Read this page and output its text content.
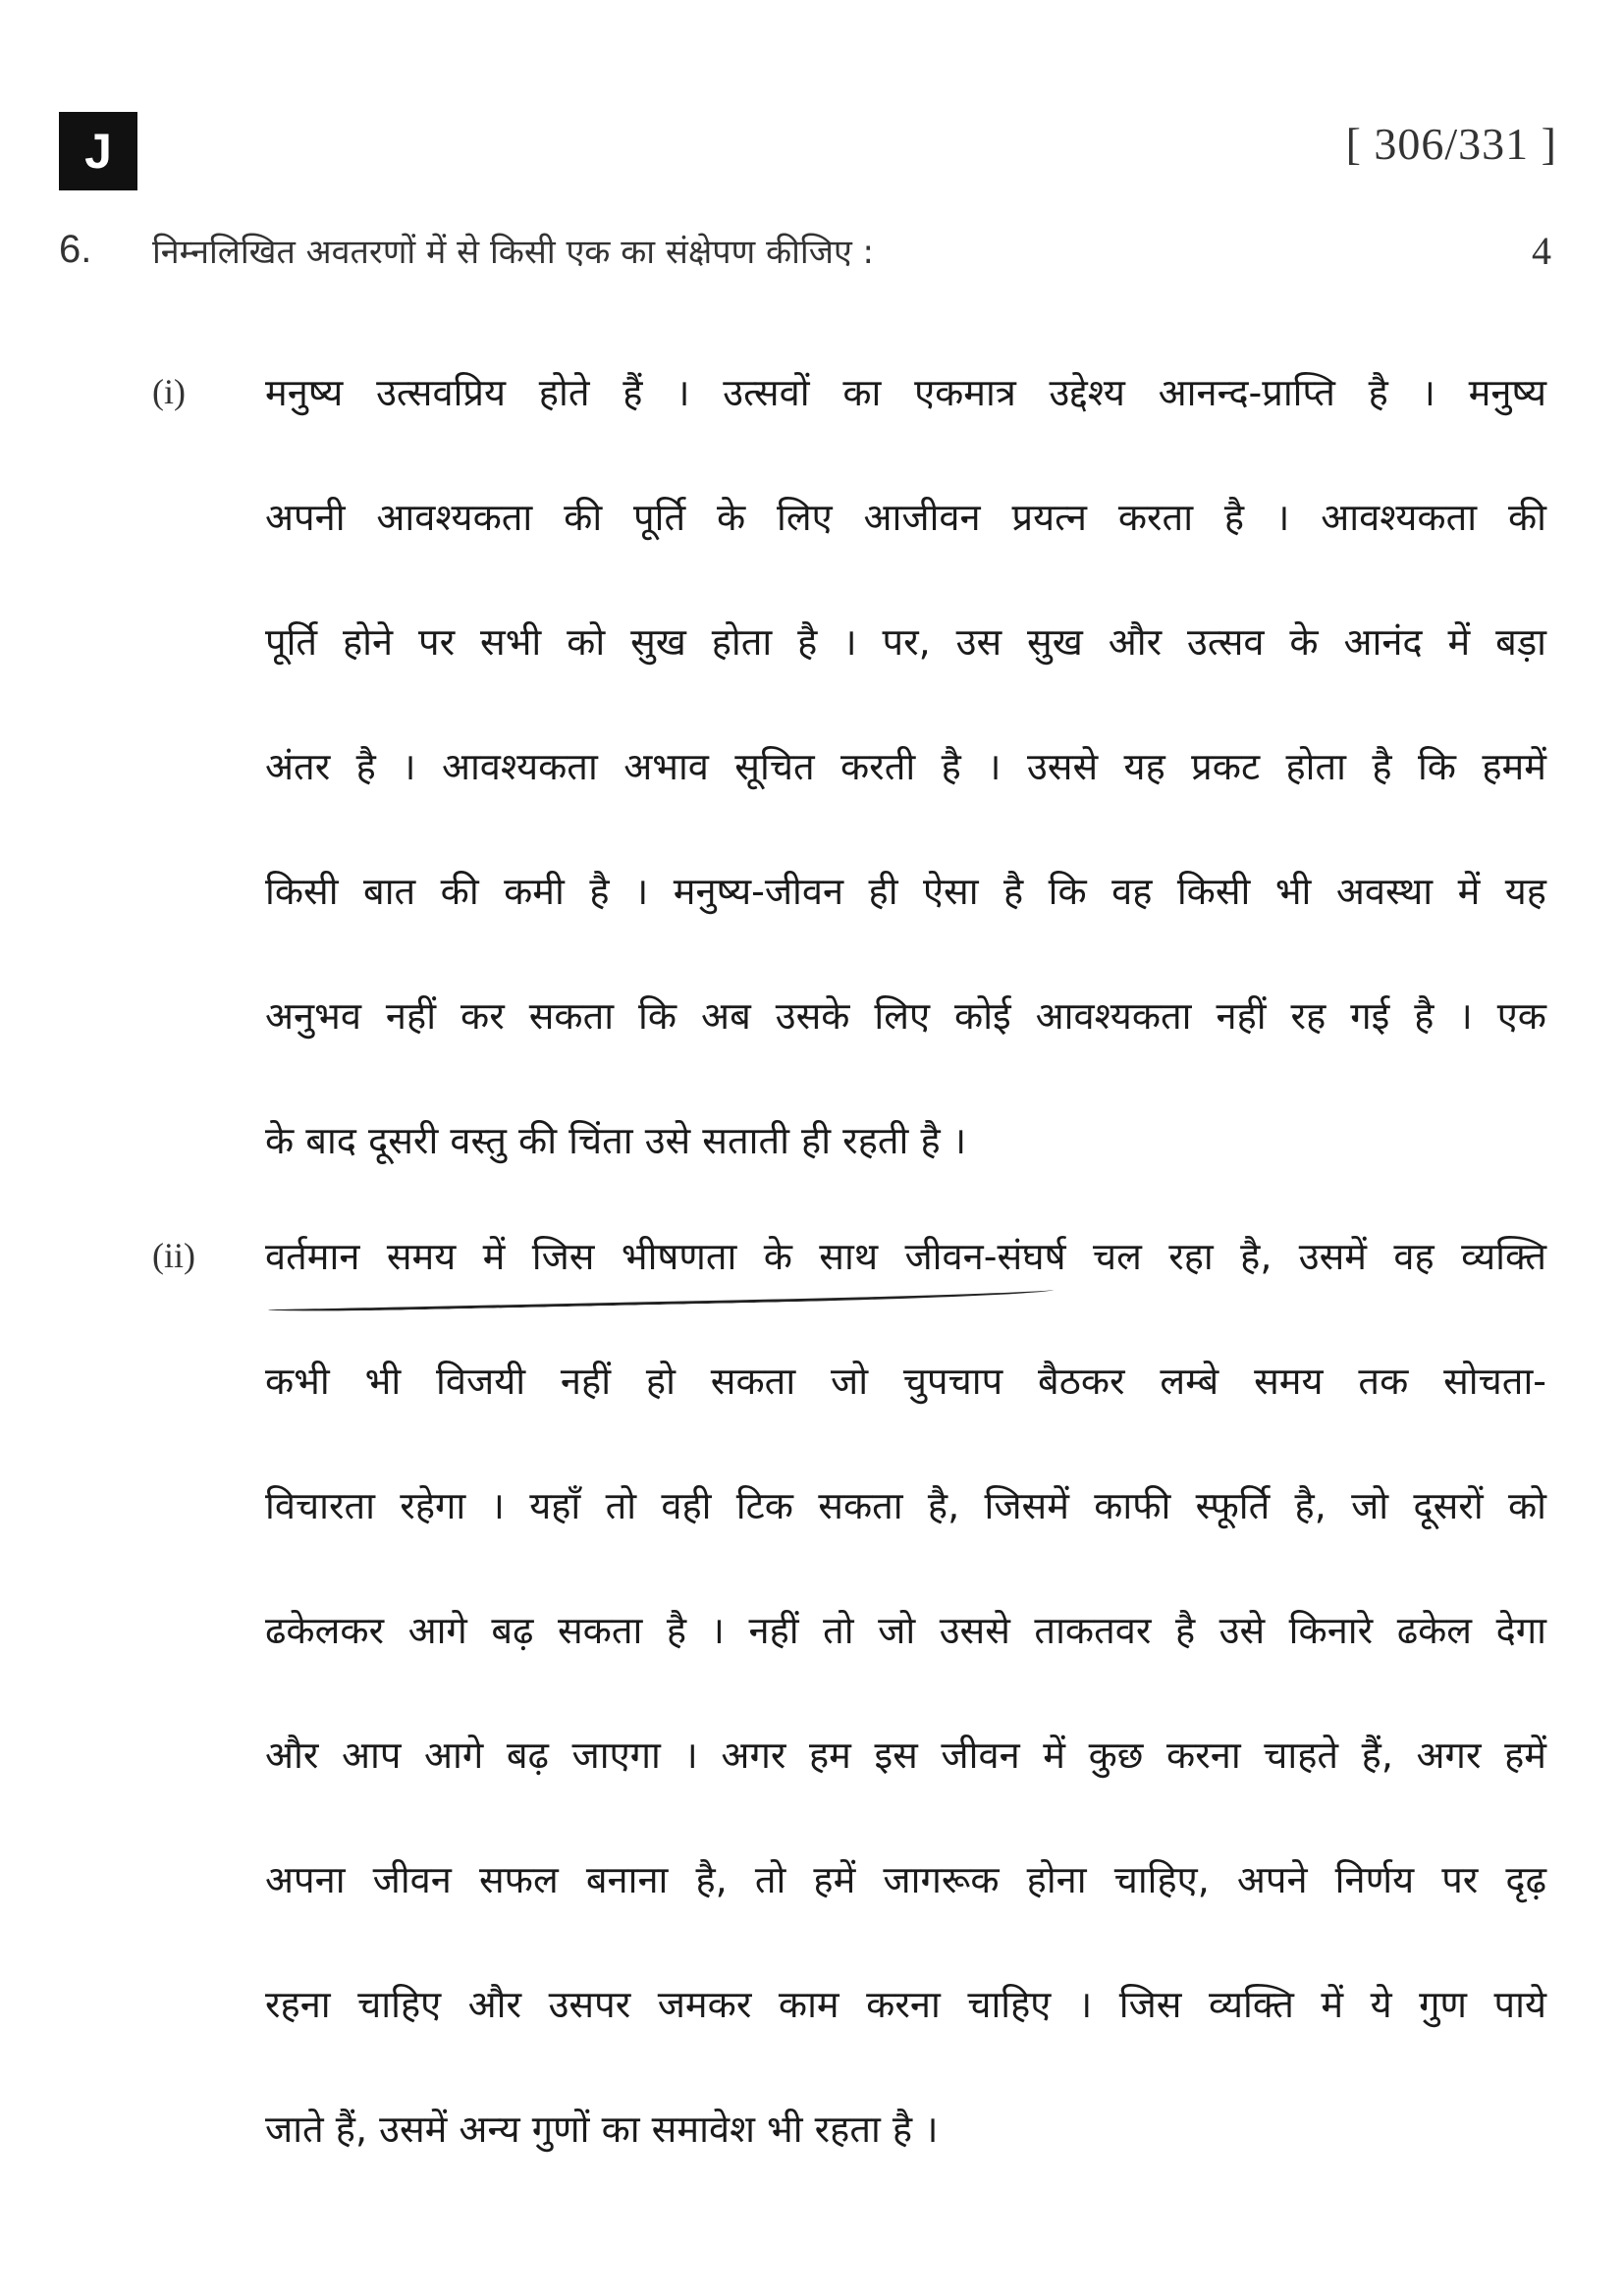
J	[ 306/331 ]
6. निम्नलिखित अवतरणों में से किसी एक का संक्षेपण कीजिए :	4
(i) मनुष्य उत्सवप्रिय होते हैं । उत्सवों का एकमात्र उद्देश्य आनन्द-प्राप्ति है । मनुष्य
अपनी आवश्यकता की पूर्ति के लिए आजीवन प्रयत्न करता है । आवश्यकता की
पूर्ति होने पर सभी को सुख होता है । पर, उस सुख और उत्सव के आनंद में बड़ा
अंतर है । आवश्यकता अभाव सूचित करती है । उससे यह प्रकट होता है कि हममें
किसी बात की कमी है । मनुष्य-जीवन ही ऐसा है कि वह किसी भी अवस्था में यह
अनुभव नहीं कर सकता कि अब उसके लिए कोई आवश्यकता नहीं रह गई है । एक
के बाद दूसरी वस्तु की चिंता उसे सताती ही रहती है ।
(ii) वर्तमान समय में जिस भीषणता के साथ जीवन-संघर्ष चल रहा है, उसमें वह व्यक्ति
कभी भी विजयी नहीं हो सकता जो चुपचाप बैठकर लम्बे समय तक सोचता-
विचारता रहेगा । यहाँ तो वही टिक सकता है, जिसमें काफी स्फूर्ति है, जो दूसरों को
ढकेलकर आगे बढ़ सकता है । नहीं तो जो उससे ताकतवर है उसे किनारे ढकेल देगा
और आप आगे बढ़ जाएगा । अगर हम इस जीवन में कुछ करना चाहते हैं, अगर हमें
अपना जीवन सफल बनाना है, तो हमें जागरूक होना चाहिए, अपने निर्णय पर दृढ़
रहना चाहिए और उसपर जमकर काम करना चाहिए । जिस व्यक्ति में ये गुण पाये
जाते हैं, उसमें अन्य गुणों का समावेश भी रहता है ।
